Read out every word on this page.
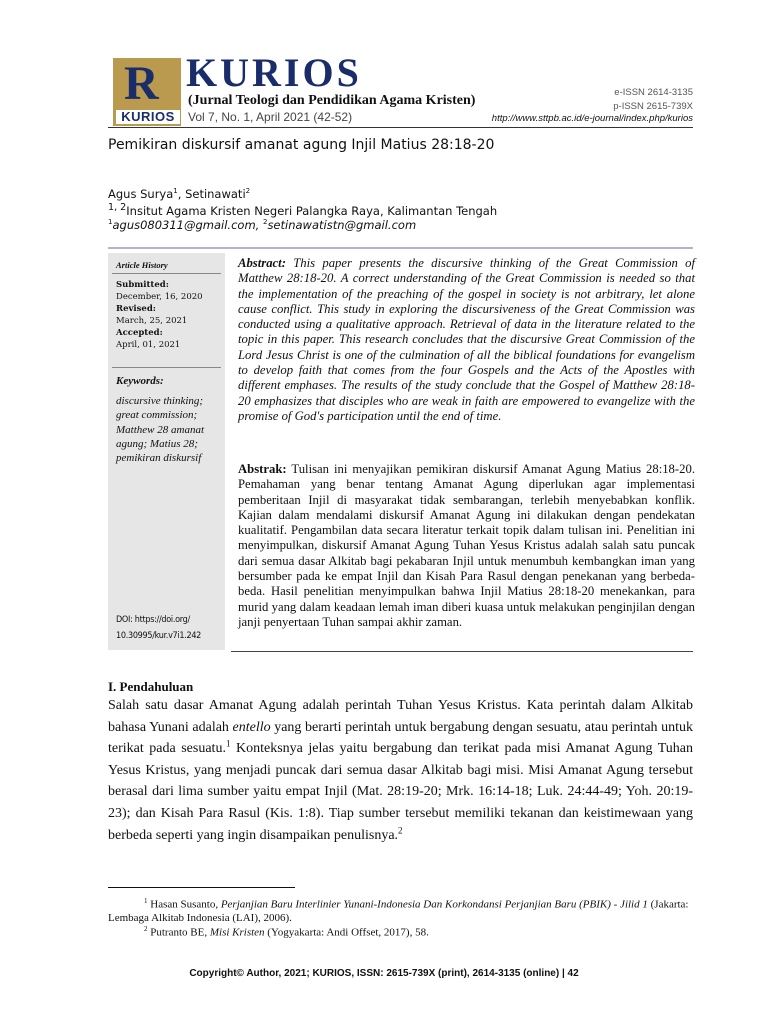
R
KURIOS
KURIOS
(Jurnal Teologi dan Pendidikan Agama Kristen)
Vol 7, No. 1, April 2021 (42-52)
e-ISSN 2614-3135
p-ISSN 2615-739X
http://www.sttpb.ac.id/e-journal/index.php/kurios
Pemikiran diskursif amanat agung Injil Matius 28:18-20
Agus Surya$^1$, Setinawati$^2$
$^{1, 2}$Insitut Agama Kristen Negeri Palangka Raya, Kalimantan Tengah
$^1$agus080311@gmail.com, $^2$setinawatistn@gmail.com
Article History
Submitted:
December, 16, 2020
Revised:
March, 25, 2021
Accepted:
April, 01, 2021
Keywords:
discursive thinking; great commission; Matthew 28 amanat agung; Matius 28; pemikiran diskursif
DOI: https://doi.org/
10.30995/kur.v7i1.242
Abstract: This paper presents the discursive thinking of the Great Commission of Matthew 28:18-20. A correct understanding of the Great Commission is needed so that the implementation of the preaching of the gospel in society is not arbitrary, let alone cause conflict. This study in exploring the discursiveness of the Great Commission was conducted using a qualitative approach. Retrieval of data in the literature related to the topic in this paper. This research concludes that the discursive Great Commission of the Lord Jesus Christ is one of the culmination of all the biblical foundations for evangelism to develop faith that comes from the four Gospels and the Acts of the Apostles with different emphases. The results of the study conclude that the Gospel of Matthew 28:18-20 emphasizes that disciples who are weak in faith are empowered to evangelize with the promise of God's participation until the end of time.
Abstrak: Tulisan ini menyajikan pemikiran diskursif Amanat Agung Matius 28:18-20. Pemahaman yang benar tentang Amanat Agung diperlukan agar implementasi pemberitaan Injil di masyarakat tidak sembarangan, terlebih menyebabkan konflik. Kajian dalam mendalami diskursif Amanat Agung ini dilakukan dengan pendekatan kualitatif. Pengambilan data secara literatur terkait topik dalam tulisan ini. Penelitian ini menyimpulkan, diskursif Amanat Agung Tuhan Yesus Kristus adalah salah satu puncak dari semua dasar Alkitab bagi pekabaran Injil untuk menumbuh kembangkan iman yang bersumber pada ke empat Injil dan Kisah Para Rasul dengan penekanan yang berbeda-beda. Hasil penelitian menyimpulkan bahwa Injil Matius 28:18-20 menekankan, para murid yang dalam keadaan lemah iman diberi kuasa untuk melakukan penginjilan dengan janji penyertaan Tuhan sampai akhir zaman.
I. Pendahuluan
Salah satu dasar Amanat Agung adalah perintah Tuhan Yesus Kristus. Kata perintah dalam Alkitab bahasa Yunani adalah entello yang berarti perintah untuk bergabung dengan sesuatu, atau perintah untuk terikat pada sesuatu.$^1$ Konteksnya jelas yaitu bergabung dan terikat pada misi Amanat Agung Tuhan Yesus Kristus, yang menjadi puncak dari semua dasar Alkitab bagi misi. Misi Amanat Agung tersebut berasal dari lima sumber yaitu empat Injil (Mat. 28:19-20; Mrk. 16:14-18; Luk. 24:44-49; Yoh. 20:19-23); dan Kisah Para Rasul (Kis. 1:8). Tiap sumber tersebut memiliki tekanan dan keistimewaan yang berbeda seperti yang ingin disampaikan penulisnya.$^2$
$^1$ Hasan Susanto, Perjanjian Baru Interlinier Yunani-Indonesia Dan Korkondansi Perjanjian Baru (PBIK) - Jilid 1 (Jakarta: Lembaga Alkitab Indonesia (LAI), 2006).
$^2$ Putranto BE, Misi Kristen (Yogyakarta: Andi Offset, 2017), 58.
Copyright© Author, 2021; KURIOS, ISSN: 2615-739X (print), 2614-3135 (online) | 42
